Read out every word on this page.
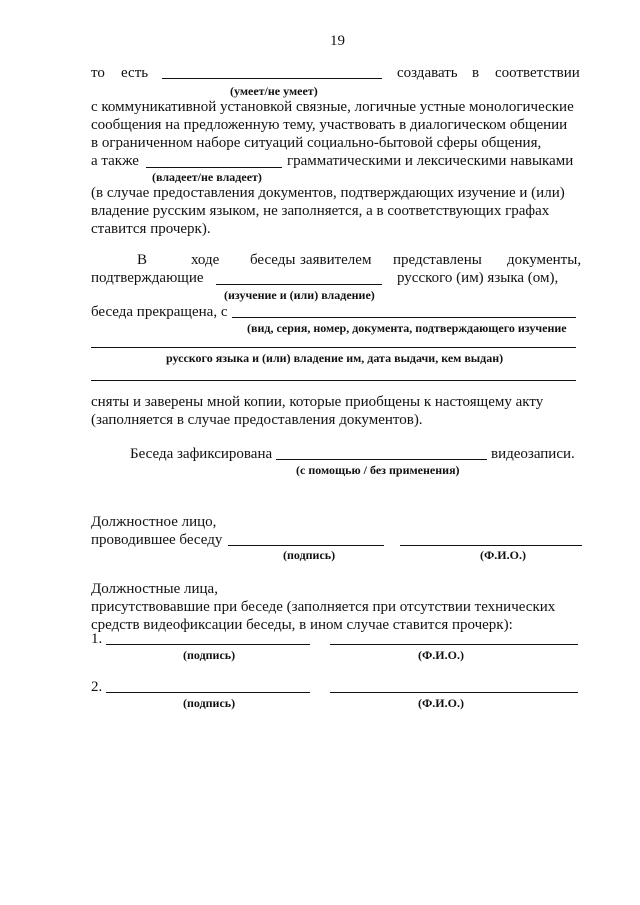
19
то есть	создавать в соответствии
(умеет/не умеет)
с коммуникативной установкой связные, логичные устные монологические
сообщения на предложенную тему, участвовать в диалогическом общении
в ограниченном наборе ситуаций социально-бытовой сферы общения,
а также	грамматическими и лексическими навыками
(владеет/не владеет)
(в случае предоставления документов, подтверждающих изучение и (или)
владение русским языком, не заполняется, а в соответствующих графах
ставится прочерк).
В	ходе беседы заявителем представлены документы,
подтверждающие	русского (им) языка (ом),
(изучение и (или) владение)
беседа прекращена, с
(вид, серия, номер, документа, подтверждающего изучение
русского языка и (или) владение им, дата выдачи, кем выдан)
сняты и заверены мной копии, которые приобщены к настоящему акту
(заполняется в случае предоставления документов).
Беседа зафиксирована	видеозаписи.
(с помощью / без применения)
Должностное лицо,
проводившее беседу
(подпись)	(Ф.И.О.)
Должностные лица,
присутствовавшие при беседе (заполняется при отсутствии технических
средств видеофиксации беседы, в ином случае ставится прочерк):
1.
(подпись)	(Ф.И.О.)
2.
(подпись)	(Ф.И.О.)
